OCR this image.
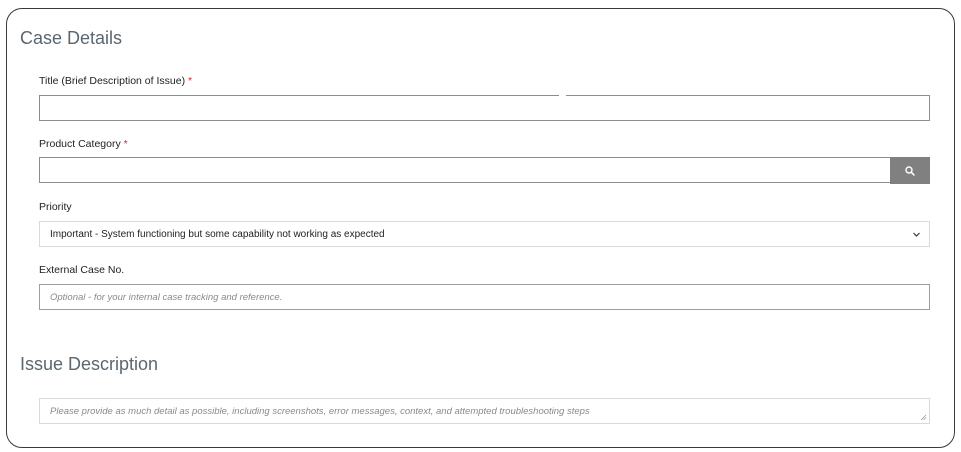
Case Details
Title (Brief Description of Issue) *
Product Category *
Priority
Important - System functioning but some capability not working as expected
External Case No.
Optional - for your internal case tracking and reference.
Issue Description
Please provide as much detail as possible, including screenshots, error messages, context, and attempted troubleshooting steps
